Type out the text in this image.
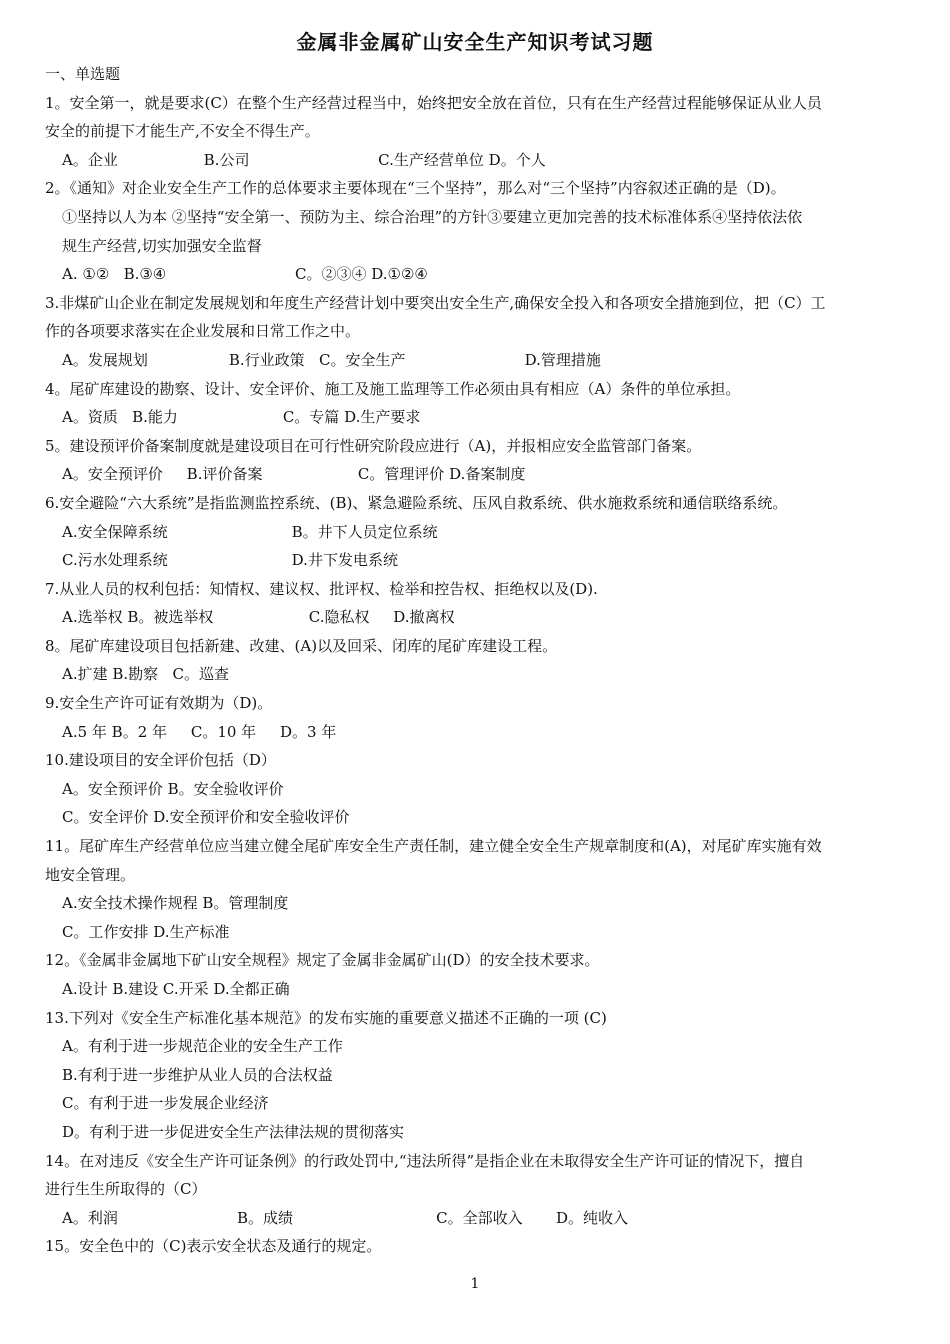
金属非金属矿山安全生产知识考试习题
一、单选题
1。安全第一，就是要求(C）在整个生产经营过程当中，始终把安全放在首位，只有在生产经营过程能够保证从业人员
安全的前提下才能生产,不安全不得生产。
A。企业                  B.公司                           C.生产经营单位 D。个人
2。《通知》对企业安全生产工作的总体要求主要体现在“三个坚持”，那么对“三个坚持”内容叙述正确的是（D)。
①坚持以人为本 ②坚持“安全第一、预防为主、综合治理”的方针③要建立更加完善的技术标准体系④坚持依法依
规生产经营,切实加强安全监督
A. ①②   B.③④                           C。②③④ D.①②④
3.非煤矿山企业在制定发展规划和年度生产经营计划中要突出安全生产,确保安全投入和各项安全措施到位，把（C）工
作的各项要求落实在企业发展和日常工作之中。
A。发展规划                 B.行业政策   C。安全生产                         D.管理措施
4。尾矿库建设的勘察、设计、安全评价、施工及施工监理等工作必须由具有相应（A）条件的单位承担。
A。资质   B.能力                      C。专篇 D.生产要求
5。建设预评价备案制度就是建设项目在可行性研究阶段应进行（A)，并报相应安全监管部门备案。
A。安全预评价     B.评价备案                    C。管理评价 D.备案制度
6.安全避险“六大系统”是指监测监控系统、(B)、紧急避险系统、压风自救系统、供水施救系统和通信联络系统。
A.安全保障系统                          B。井下人员定位系统
C.污水处理系统                          D.井下发电系统
7.从业人员的权利包括：知情权、建议权、批评权、检举和控告权、拒绝权以及(D).
A.选举权 B。被选举权                    C.隐私权     D.撤离权
8。尾矿库建设项目包括新建、改建、(A)以及回采、闭库的尾矿库建设工程。
A.扩建 B.勘察   C。巡查
9.安全生产许可证有效期为（D)。
A.5 年 B。2 年     C。10 年     D。3 年
10.建设项目的安全评价包括（D）
A。安全预评价 B。安全验收评价
C。安全评价 D.安全预评价和安全验收评价
11。尾矿库生产经营单位应当建立健全尾矿库安全生产责任制，建立健全安全生产规章制度和(A)，对尾矿库实施有效
地安全管理。
A.安全技术操作规程 B。管理制度
C。工作安排 D.生产标准
12。《金属非金属地下矿山安全规程》规定了金属非金属矿山(D）的安全技术要求。
A.设计 B.建设 C.开采 D.全都正确
13.下列对《安全生产标准化基本规范》的发布实施的重要意义描述不正确的一项 (C)
A。有利于进一步规范企业的安全生产工作
B.有利于进一步维护从业人员的合法权益
C。有利于进一步发展企业经济
D。有利于进一步促进安全生产法律法规的贯彻落实
14。在对违反《安全生产许可证条例》的行政处罚中,“违法所得”是指企业在未取得安全生产许可证的情况下，擅自
进行生生所取得的（C）
A。利润                         B。成绩                              C。全部收入       D。纯收入
15。安全色中的（C)表示安全状态及通行的规定。
1
